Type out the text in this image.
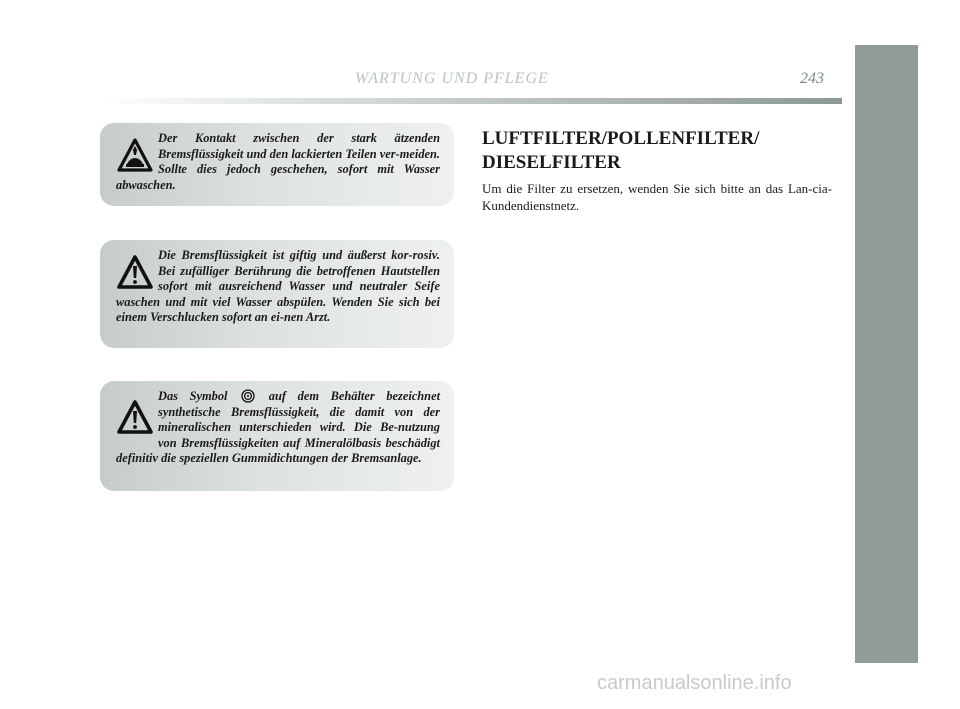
WARTUNG UND PFLEGE	243
Der Kontakt zwischen der stark ätzenden Bremsflüssigkeit und den lackierten Teilen ver-meiden. Sollte dies jedoch geschehen, sofort mit Wasser abwaschen.
Die Bremsflüssigkeit ist giftig und äußerst kor-rosiv. Bei zufälliger Berührung die betroffenen Hautstellen sofort mit ausreichend Wasser und neutraler Seife waschen und mit viel Wasser abspülen. Wenden Sie sich bei einem Verschlucken sofort an ei-nen Arzt.
Das Symbol	auf dem Behälter bezeichnet synthetische Bremsflüssigkeit, die damit von der mineralischen unterschieden wird. Die Be-nutzung von Bremsflüssigkeiten auf Mineralölbasis beschädigt definitiv die speziellen Gummidichtungen der Bremsanlage.
LUFTFILTER/POLLENFILTER/ DIESELFILTER

Um die Filter zu ersetzen, wenden Sie sich bitte an das Lan-cia-Kundendienstnetz.

carmanualsonline.info
